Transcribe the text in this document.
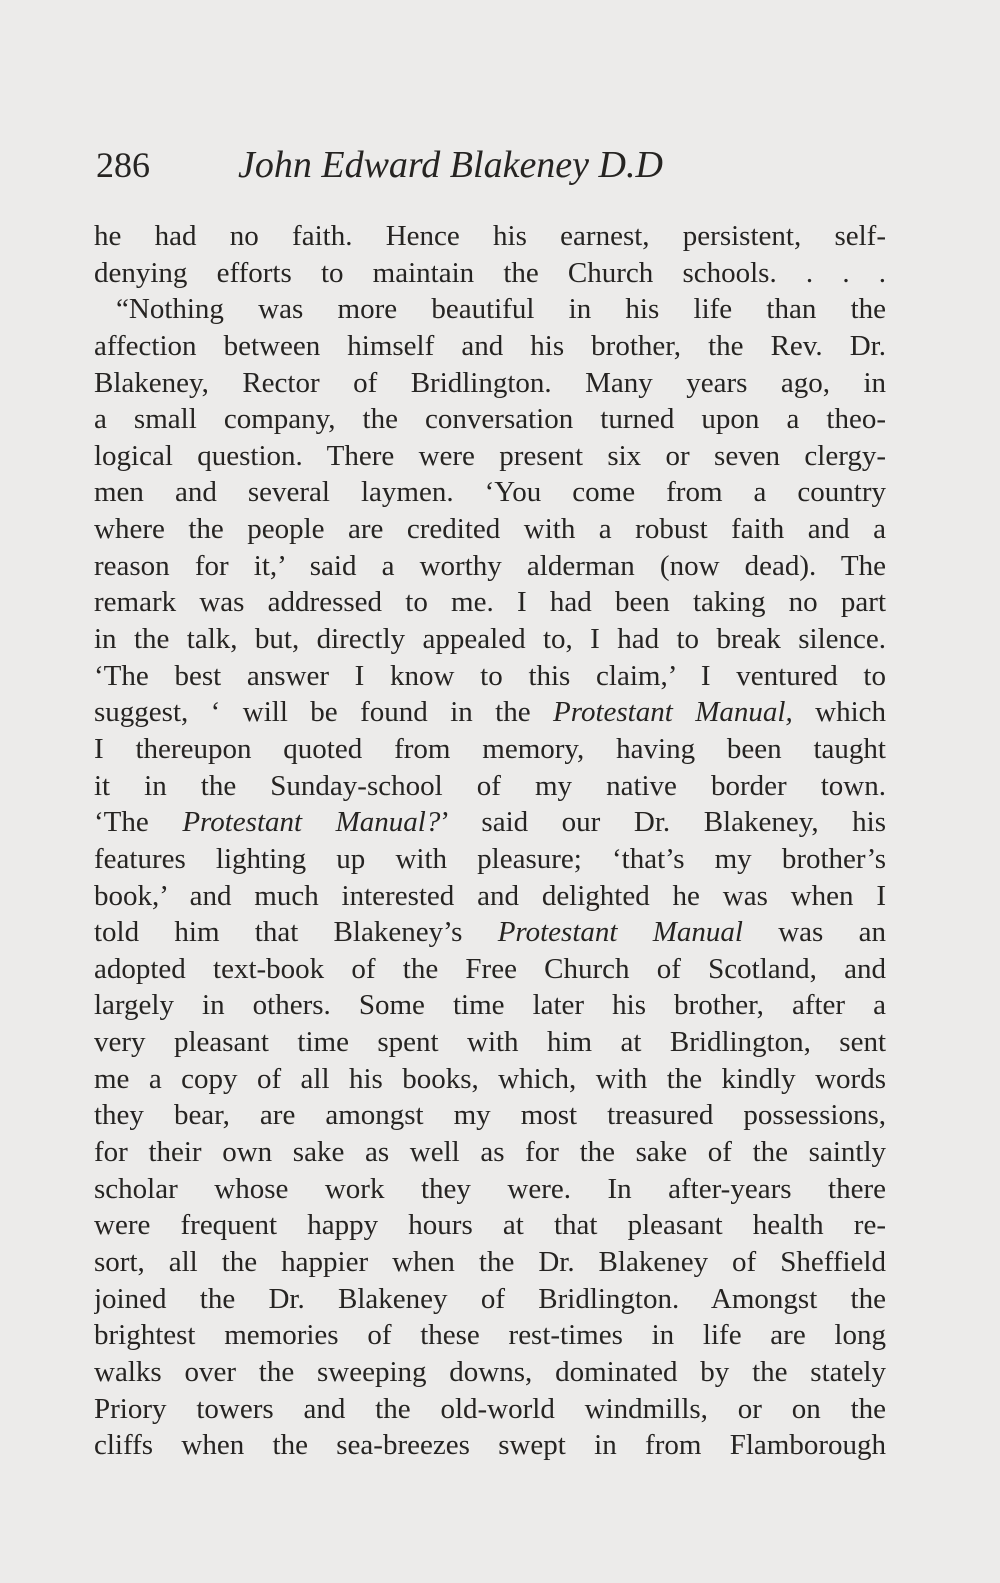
286 John Edward Blakeney D.D
he had no faith. Hence his earnest, persistent, self-
denying efforts to maintain the Church schools. . . .
“Nothing was more beautiful in his life than the
affection between himself and his brother, the Rev. Dr.
Blakeney, Rector of Bridlington. Many years ago, in
a small company, the conversation turned upon a theo-
logical question. There were present six or seven clergy-
men and several laymen. ‘You come from a country
where the people are credited with a robust faith and a
reason for it,’ said a worthy alderman (now dead). The
remark was addressed to me. I had been taking no part
in the talk, but, directly appealed to, I had to break silence.
‘The best answer I know to this claim,’ I ventured to
suggest, ‘ will be found in the Protestant Manual, which
I thereupon quoted from memory, having been taught
it in the Sunday-school of my native border town.
‘The Protestant Manual?’ said our Dr. Blakeney, his
features lighting up with pleasure; ‘that’s my brother’s
book,’ and much interested and delighted he was when I
told him that Blakeney’s Protestant Manual was an
adopted text-book of the Free Church of Scotland, and
largely in others. Some time later his brother, after a
very pleasant time spent with him at Bridlington, sent
me a copy of all his books, which, with the kindly words
they bear, are amongst my most treasured possessions,
for their own sake as well as for the sake of the saintly
scholar whose work they were. In after-years there
were frequent happy hours at that pleasant health re-
sort, all the happier when the Dr. Blakeney of Sheffield
joined the Dr. Blakeney of Bridlington. Amongst the
brightest memories of these rest-times in life are long
walks over the sweeping downs, dominated by the stately
Priory towers and the old-world windmills, or on the
cliffs when the sea-breezes swept in from Flamborough
